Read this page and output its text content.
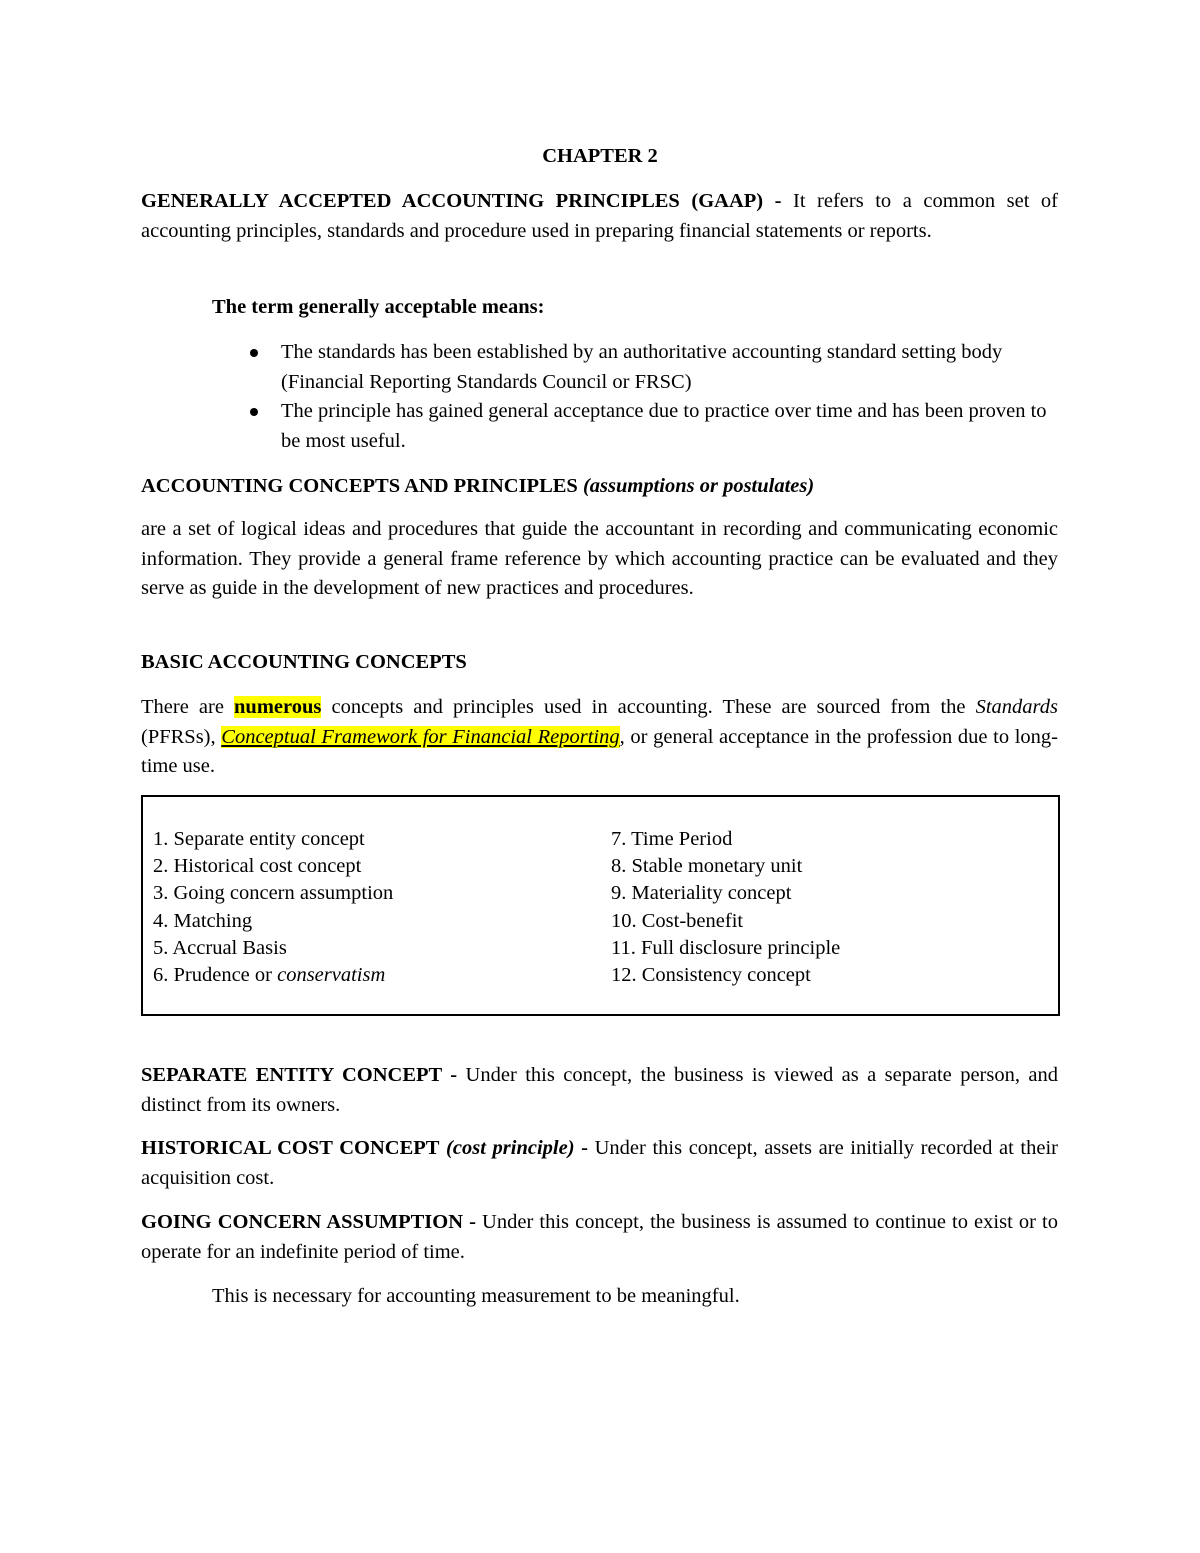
CHAPTER 2
GENERALLY ACCEPTED ACCOUNTING PRINCIPLES (GAAP) - It refers to a common set of accounting principles, standards and procedure used in preparing financial statements or reports.
The term generally acceptable means:
The standards has been established by an authoritative accounting standard setting body (Financial Reporting Standards Council or FRSC)
The principle has gained general acceptance due to practice over time and has been proven to be most useful.
ACCOUNTING CONCEPTS AND PRINCIPLES (assumptions or postulates)
are a set of logical ideas and procedures that guide the accountant in recording and communicating economic information. They provide a general frame reference by which accounting practice can be evaluated and they serve as guide in the development of new practices and procedures.
BASIC ACCOUNTING CONCEPTS
There are numerous concepts and principles used in accounting. These are sourced from the Standards (PFRSs), Conceptual Framework for Financial Reporting, or general acceptance in the profession due to long-time use.
1. Separate entity concept
2. Historical cost concept
3. Going concern assumption
4. Matching
5. Accrual Basis
6. Prudence or conservatism
7. Time Period
8. Stable monetary unit
9. Materiality concept
10. Cost-benefit
11. Full disclosure principle
12. Consistency concept
SEPARATE ENTITY CONCEPT - Under this concept, the business is viewed as a separate person, and distinct from its owners.
HISTORICAL COST CONCEPT (cost principle) - Under this concept, assets are initially recorded at their acquisition cost.
GOING CONCERN ASSUMPTION - Under this concept, the business is assumed to continue to exist or to operate for an indefinite period of time.
This is necessary for accounting measurement to be meaningful.
